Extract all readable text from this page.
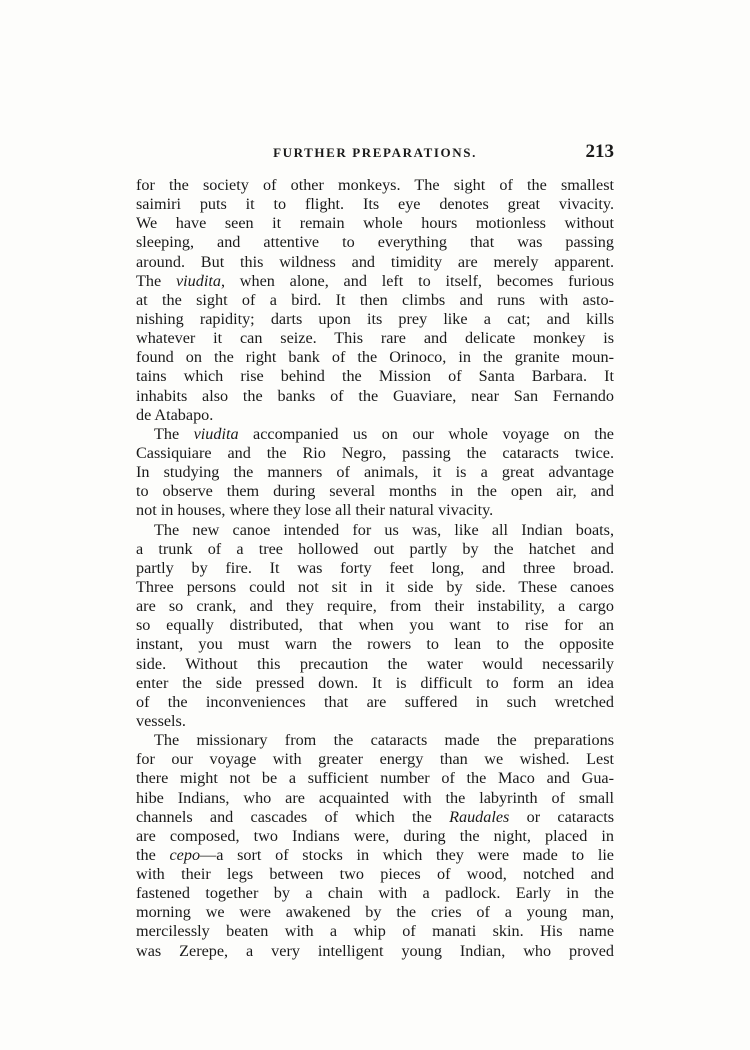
FURTHER PREPARATIONS.	213
for the society of other monkeys. The sight of the smallest
saimiri puts it to flight. Its eye denotes great vivacity.
We have seen it remain whole hours motionless without
sleeping, and attentive to everything that was passing
around. But this wildness and timidity are merely apparent.
The viudita, when alone, and left to itself, becomes furious
at the sight of a bird. It then climbs and runs with asto-
nishing rapidity; darts upon its prey like a cat; and kills
whatever it can seize. This rare and delicate monkey is
found on the right bank of the Orinoco, in the granite moun-
tains which rise behind the Mission of Santa Barbara. It
inhabits also the banks of the Guaviare, near San Fernando
de Atabapo.
The viudita accompanied us on our whole voyage on the
Cassiquiare and the Rio Negro, passing the cataracts twice.
In studying the manners of animals, it is a great advantage
to observe them during several months in the open air, and
not in houses, where they lose all their natural vivacity.
The new canoe intended for us was, like all Indian boats,
a trunk of a tree hollowed out partly by the hatchet and
partly by fire. It was forty feet long, and three broad.
Three persons could not sit in it side by side. These canoes
are so crank, and they require, from their instability, a cargo
so equally distributed, that when you want to rise for an
instant, you must warn the rowers to lean to the opposite
side. Without this precaution the water would necessarily
enter the side pressed down. It is difficult to form an idea
of the inconveniences that are suffered in such wretched
vessels.
The missionary from the cataracts made the preparations
for our voyage with greater energy than we wished. Lest
there might not be a sufficient number of the Maco and Gua-
hibe Indians, who are acquainted with the labyrinth of small
channels and cascades of which the Raudales or cataracts
are composed, two Indians were, during the night, placed in
the cepo—a sort of stocks in which they were made to lie
with their legs between two pieces of wood, notched and
fastened together by a chain with a padlock. Early in the
morning we were awakened by the cries of a young man,
mercilessly beaten with a whip of manati skin. His name
was Zerepe, a very intelligent young Indian, who proved
